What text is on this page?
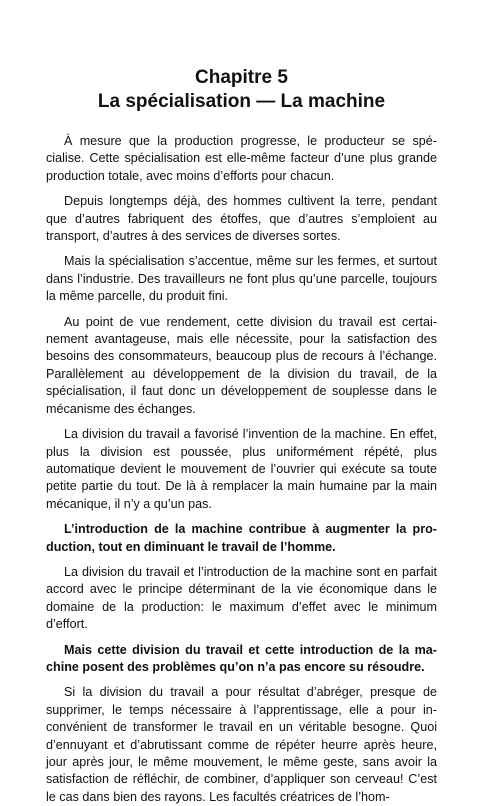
Chapitre 5
La spécialisation — La machine

À mesure que la production progresse, le producteur se spécialise. Cette spécialisation est elle-même facteur d’une plus grande production totale, avec moins d’efforts pour chacun.

Depuis longtemps déjà, des hommes cultivent la terre, pendant que d’autres fabriquent des étoffes, que d’autres s’emploient au transport, d’autres à des services de diverses sortes.

Mais la spécialisation s’accentue, même sur les fermes, et surtout dans l’industrie. Des travailleurs ne font plus qu’une parcelle, toujours la même parcelle, du produit fini.

Au point de vue rendement, cette division du travail est certainement avantageuse, mais elle nécessite, pour la satisfaction des besoins des consommateurs, beaucoup plus de recours à l’échange. Parallèlement au développement de la division du travail, de la spécialisation, il faut donc un développement de souplesse dans le mécanisme des échanges.

La division du travail a favorisé l’invention de la machine. En effet, plus la division est poussée, plus uniformément répété, plus automatique devient le mouvement de l’ouvrier qui exécute sa toute petite partie du tout. De là à remplacer la main humaine par la main mécanique, il n’y a qu’un pas.

L’introduction de la machine contribue à augmenter la production, tout en diminuant le travail de l’homme.

La division du travail et l’introduction de la machine sont en parfait accord avec le principe déterminant de la vie économique dans le domaine de la production: le maximum d’effet avec le minimum d’effort.

Mais cette division du travail et cette introduction de la machine posent des problèmes qu’on n’a pas encore su résoudre.

Si la division du travail a pour résultat d’abréger, presque de supprimer, le temps nécessaire à l’apprentissage, elle a pour inconvénient de transformer le travail en un véritable besogne. Quoi d’ennuyant et d’abrutissant comme de répéter heurre après heure, jour après jour, le même mouvement, le même geste, sans avoir la satisfaction de réfléchir, de combiner, d’appliquer son cerveau! C’est le cas dans bien des rayons. Les facultés créatrices de l’hom-
